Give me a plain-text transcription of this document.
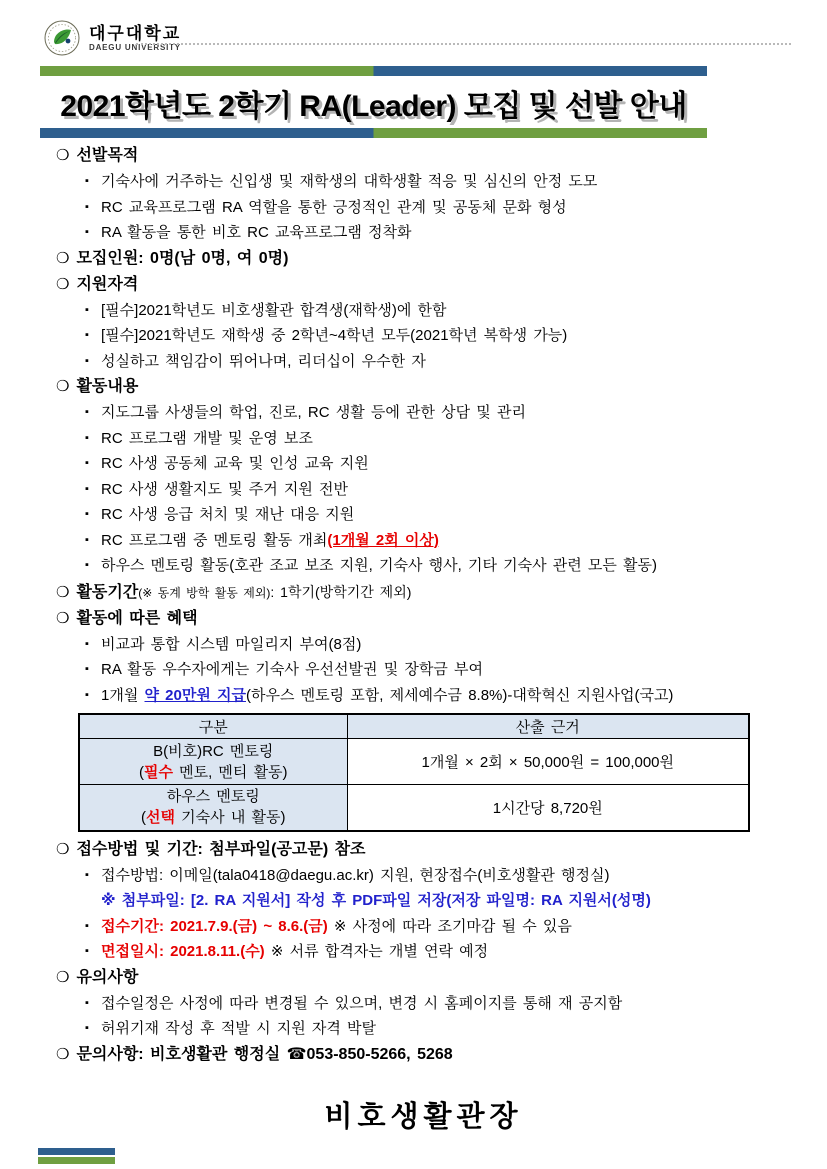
대구대학교
DAEGU UNIVERSITY
2021학년도 2학기 RA(Leader) 모집 및 선발 안내
❍ 선발목적
▪ 기숙사에 거주하는 신입생 및 재학생의 대학생활 적응 및 심신의 안정 도모
▪ RC 교육프로그램 RA 역할을 통한 긍정적인 관계 및 공동체 문화 형성
▪ RA 활동을 통한 비호 RC 교육프로그램 정착화
❍ 모집인원: 0명(남 0명, 여 0명)
❍ 지원자격
▪ [필수]2021학년도 비호생활관 합격생(재학생)에 한함
▪ [필수]2021학년도 재학생 중 2학년~4학년 모두(2021학년 복학생 가능)
▪ 성실하고 책임감이 뛰어나며, 리더십이 우수한 자
❍ 활동내용
▪ 지도그룹 사생들의 학업, 진로, RC 생활 등에 관한 상담 및 관리
▪ RC 프로그램 개발 및 운영 보조
▪ RC 사생 공동체 교육 및 인성 교육 지원
▪ RC 사생 생활지도 및 주거 지원 전반
▪ RC 사생 응급 처치 및 재난 대응 지원
▪ RC 프로그램 중 멘토링 활동 개최(1개월 2회 이상)
▪ 하우스 멘토링 활동(호관 조교 보조 지원, 기숙사 행사, 기타 기숙사 관련 모든 활동)
❍ 활동기간(※ 동계 방학 활동 제외): 1학기(방학기간 제외)
❍ 활동에 따른 혜택
▪ 비교과 통합 시스템 마일리지 부여(8점)
▪ RA 활동 우수자에게는 기숙사 우선선발권 및 장학금 부여
▪ 1개월 약 20만원 지급(하우스 멘토링 포함, 제세예수금 8.8%)-대학혁신 지원사업(국고)
구분	산출 근거
B(비호)RC 멘토링
(필수 멘토, 멘티 활동)	1개월 × 2회 × 50,000원 = 100,000원
하우스 멘토링
(선택 기숙사 내 활동)	1시간당 8,720원
❍ 접수방법 및 기간: 첨부파일(공고문) 참조
▪ 접수방법: 이메일(tala0418@daegu.ac.kr) 지원, 현장접수(비호생활관 행정실)
※ 첨부파일: [2. RA 지원서] 작성 후 PDF파일 저장(저장 파일명: RA 지원서(성명)
▪ 접수기간: 2021.7.9.(금) ~ 8.6.(금) ※ 사정에 따라 조기마감 될 수 있음
▪ 면접일시: 2021.8.11.(수) ※ 서류 합격자는 개별 연락 예정
❍ 유의사항
▪ 접수일정은 사정에 따라 변경될 수 있으며, 변경 시 홈페이지를 통해 재 공지함
▪ 허위기재 작성 후 적발 시 지원 자격 박탈
❍ 문의사항: 비호생활관 행정실 ☎053-850-5266, 5268
비호생활관장
